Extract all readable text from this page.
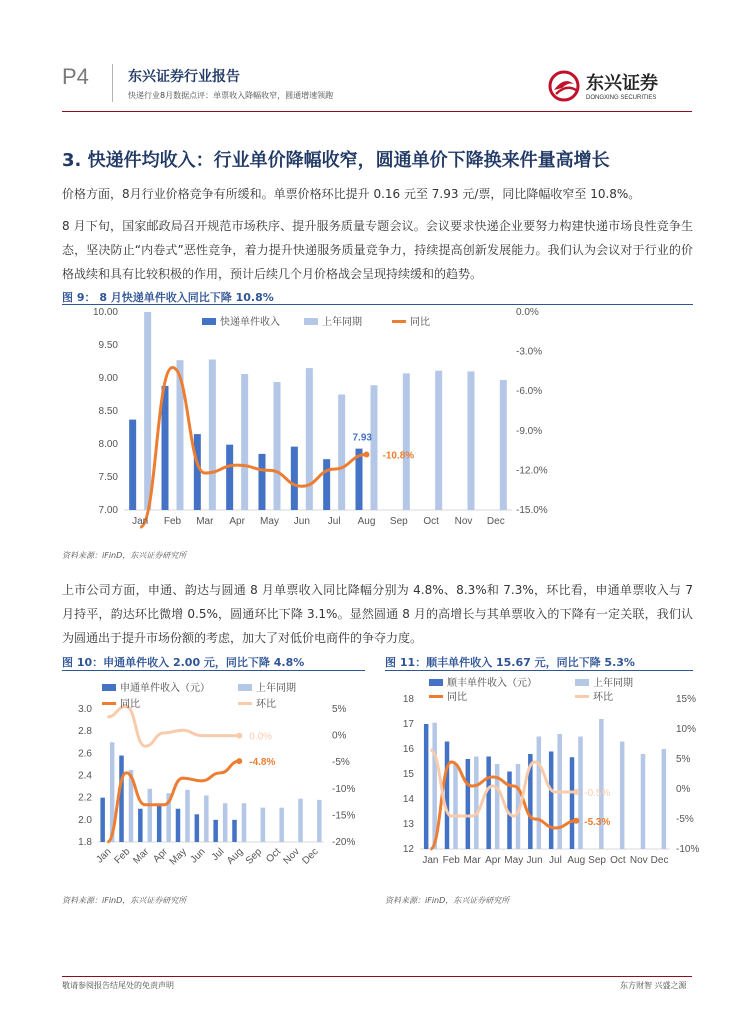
P4	东兴证券行业报告
快递行业8月数据点评：单票收入降幅收窄，圆通增速领跑
东兴证券
DONGXING SECURITIES
3. 快递件均收入：行业单价降幅收窄，圆通单价下降换来件量高增长
价格方面，8月行业价格竞争有所缓和。单票价格环比提升 0.16 元至 7.93 元/票，同比降幅收窄至 10.8%。
8 月下旬，国家邮政局召开规范市场秩序、提升服务质量专题会议。会议要求快递企业要努力构建快递市场良性竞争生态，坚决防止“内卷式”恶性竞争，着力提升快递服务质量竞争力，持续提高创新发展能力。我们认为会议对于行业的价格战续和具有比较积极的作用，预计后续几个月价格战会呈现持续缓和的趋势。
图 9： 8 月快递单件收入同比下降 10.8%
7.00
7.50
8.00
8.50
9.00
9.50
10.00
-15.0%
-12.0%
-9.0%
-6.0%
-3.0%
0.0%
Jan Feb Mar Apr May Jun Jul Aug Sep Oct Nov Dec
快递单件收入	上年同期	同比
7.93
-10.8%
资料来源：iFinD，东兴证券研究所
上市公司方面，申通、韵达与圆通 8 月单票收入同比降幅分别为 4.8%、8.3%和 7.3%，环比看，申通单票收入与 7 月持平，韵达环比微增 0.5%，圆通环比下降 3.1%。显然圆通 8 月的高增长与其单票收入的下降有一定关联，我们认为圆通出于提升市场份额的考虑，加大了对低价电商件的争夺力度。
图 10：申通单件收入 2.00 元，同比下降 4.8%
1.8
2.0
2.2
2.4
2.6
2.8
3.0
-20%
-15%
-10%
-5%
0%
5%
Jan
Feb
Mar Apr
May Jun Jul
Aug
Sep Oct
Nov
Dec
申通单件收入（元）	上年同期
同比	环比
0.0%
-4.8%
资料来源：iFinD，东兴证券研究所
图 11：顺丰单件收入 15.67 元，同比下降 5.3%
12
13
14
15
16
17
18
-10%
-5%
0%
5%
10%
15%
Jan Feb Mar Apr May Jun Jul Aug Sep Oct Nov Dec
顺丰单件收入（元）	上年同期
同比	环比
-0.5%
-5.3%
资料来源：iFinD，东兴证券研究所
敬请参阅报告结尾处的免责声明	东方财智 兴盛之源
